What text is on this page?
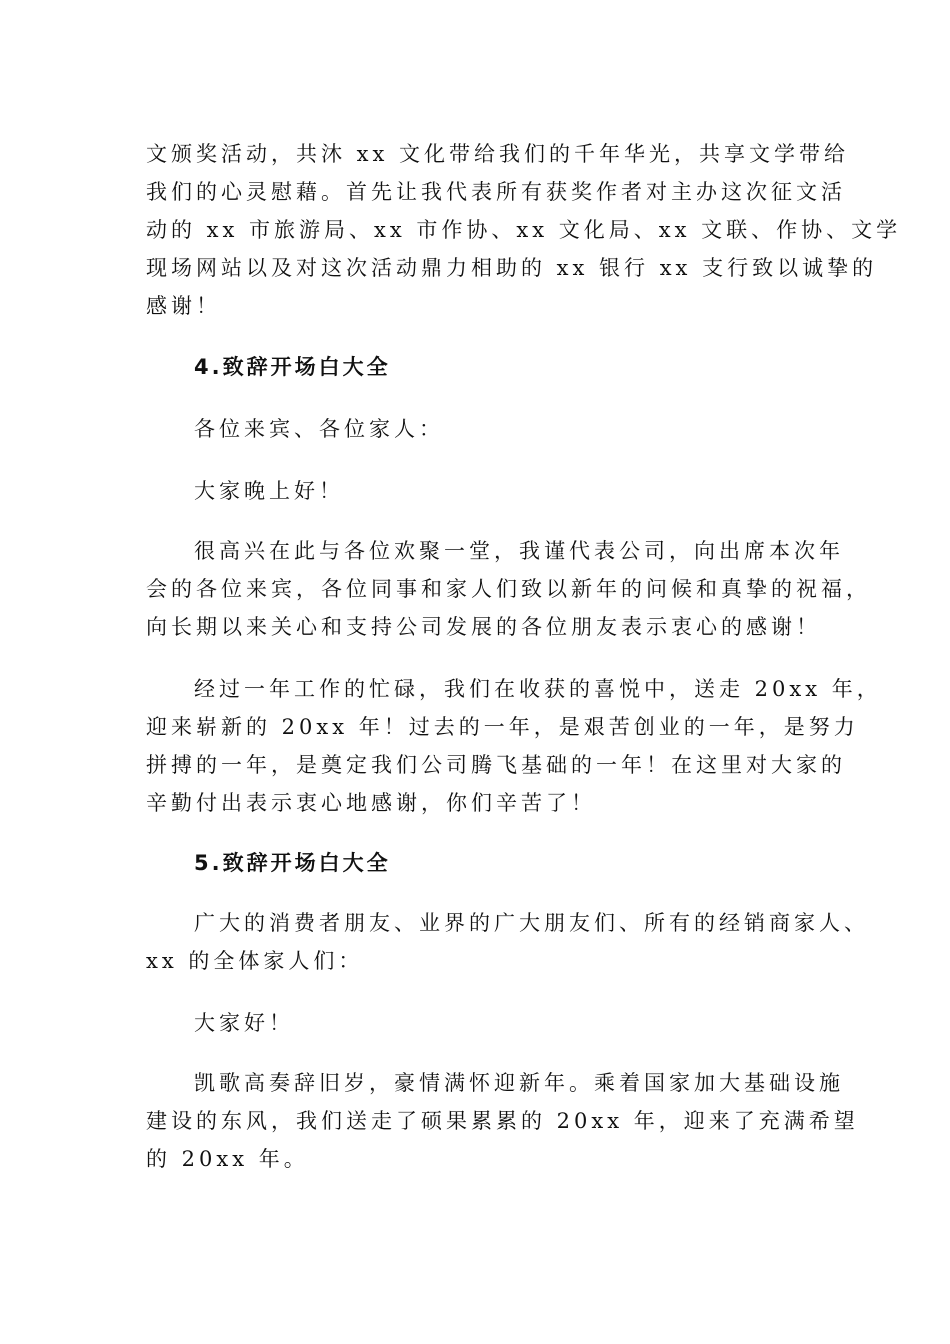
文颁奖活动，共沐 xx 文化带给我们的千年华光，共享文学带给
我们的心灵慰藉。首先让我代表所有获奖作者对主办这次征文活
动的 xx 市旅游局、xx 市作协、xx 文化局、xx 文联、作协、文学
现场网站以及对这次活动鼎力相助的 xx 银行 xx 支行致以诚挚的
感谢！
4.致辞开场白大全
各位来宾、各位家人：
大家晚上好！
很高兴在此与各位欢聚一堂，我谨代表公司，向出席本次年
会的各位来宾，各位同事和家人们致以新年的问候和真挚的祝福，
向长期以来关心和支持公司发展的各位朋友表示衷心的感谢！
经过一年工作的忙碌，我们在收获的喜悦中，送走 20xx 年，
迎来崭新的 20xx 年！过去的一年，是艰苦创业的一年，是努力
拼搏的一年，是奠定我们公司腾飞基础的一年！在这里对大家的
辛勤付出表示衷心地感谢，你们辛苦了！
5.致辞开场白大全
广大的消费者朋友、业界的广大朋友们、所有的经销商家人、
xx 的全体家人们：
大家好！
凯歌高奏辞旧岁，豪情满怀迎新年。乘着国家加大基础设施
建设的东风，我们送走了硕果累累的 20xx 年，迎来了充满希望
的 20xx 年。
